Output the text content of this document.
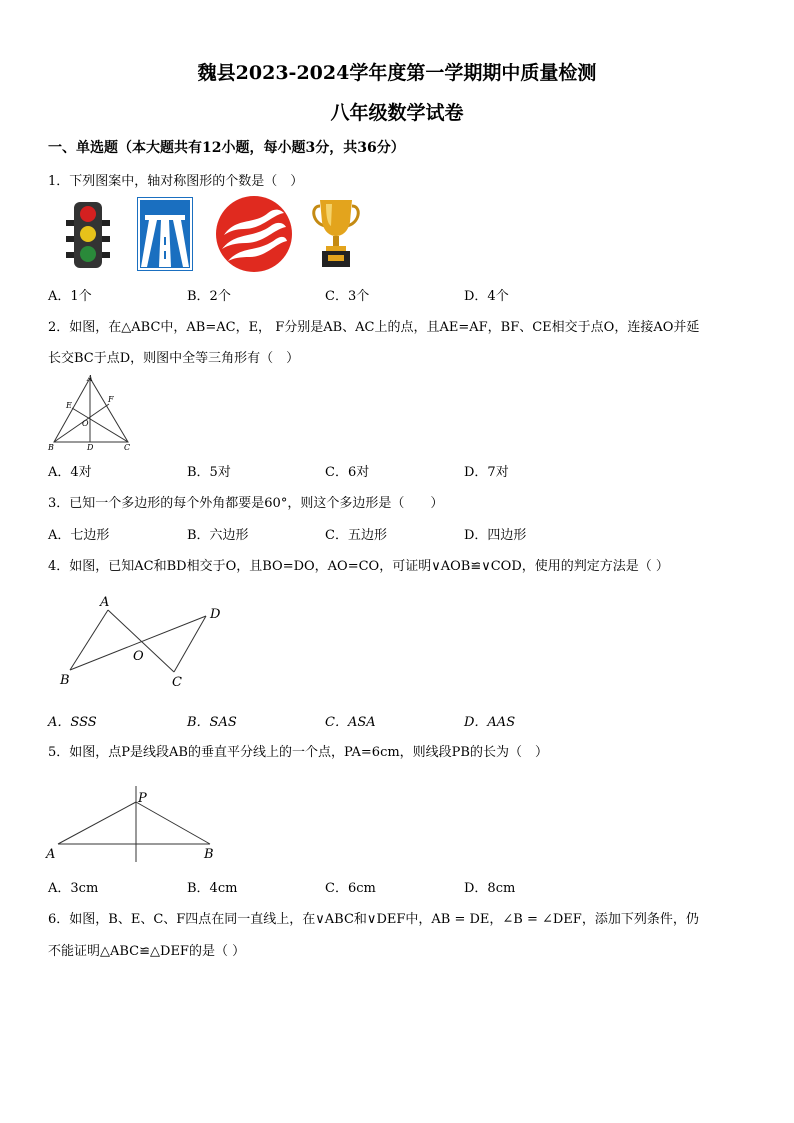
魏县2023-2024学年度第一学期期中质量检测
八年级数学试卷
一、单选题（本大题共有12小题，每小题3分，共36分）
1．下列图案中，轴对称图形的个数是（　）
A．1个	B．2个	C．3个	D．4个
2．如图，在△ABC中，AB=AC，E， F分别是AB、AC上的点，且AE=AF，BF、CE相交于点O，连接AO并延
长交BC于点D，则图中全等三角形有（　）
A
E
F
O
B	D	C
A．4对	B．5对	C．6对	D．7对
3．已知一个多边形的每个外角都要是60°，则这个多边形是（　　）
A．七边形	B．六边形	C．五边形	D．四边形
4．如图，已知AC和BD相交于O，且BO=DO，AO=CO，可证明∨AOB≌∨COD，使用的判定方法是（ ）
A
D
O
B	C
A．SSS	B．SAS	C．ASA	D．AAS
5．如图，点P是线段AB的垂直平分线上的一个点，PA=6cm，则线段PB的长为（　）
P
A	B
A．3cm	B．4cm	C．6cm	D．8cm
6．如图，B、E、C、F四点在同一直线上，在∨ABC和∨DEF中，AB = DE，∠B = ∠DEF，添加下列条件，仍
不能证明△ABC≌△DEF的是（ ）
